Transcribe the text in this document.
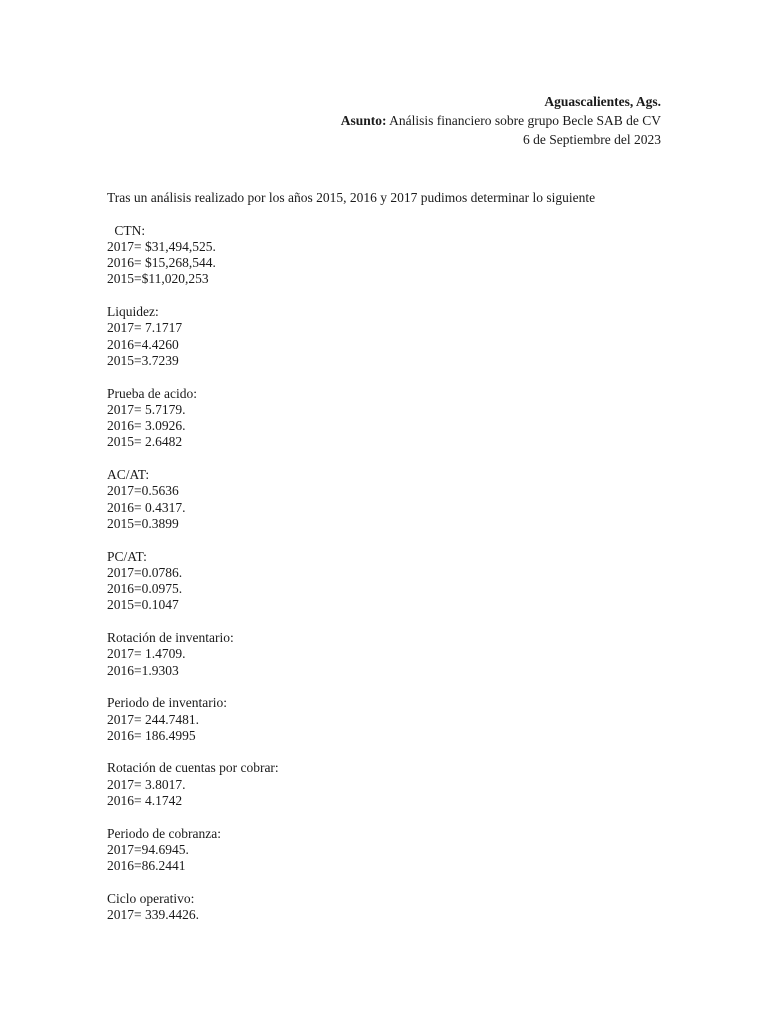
Aguascalientes, Ags.
Asunto: Análisis financiero sobre grupo Becle SAB de CV
6 de Septiembre del 2023

Tras un análisis realizado por los años 2015, 2016 y 2017 pudimos determinar lo siguiente

CTN:
2017= $31,494,525.
2016= $15,268,544.
2015=$11,020,253
Liquidez:
2017= 7.1717
2016=4.4260
2015=3.7239
Prueba de acido:
2017= 5.7179.
2016= 3.0926.
2015= 2.6482
AC/AT:
2017=0.5636
2016= 0.4317.
2015=0.3899
PC/AT:
2017=0.0786.
2016=0.0975.
2015=0.1047
Rotación de inventario:
2017= 1.4709.
2016=1.9303
Periodo de inventario:
2017= 244.7481.
2016= 186.4995
Rotación de cuentas por cobrar:
2017= 3.8017.
2016= 4.1742
Periodo de cobranza:
2017=94.6945.
2016=86.2441
Ciclo operativo:
2017= 339.4426.
